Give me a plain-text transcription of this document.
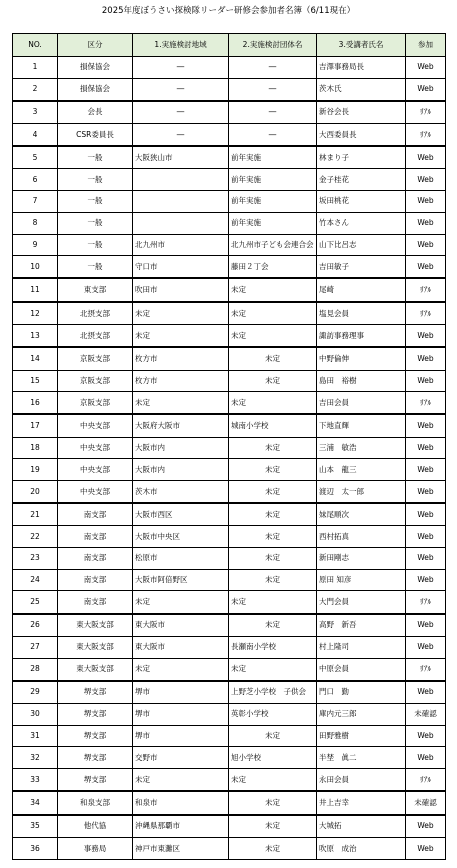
2025年度ぼうさい探検隊リーダー研修会参加者名簿（6/11現在）
NO.	区分	1.実施検討地域	2.実施検討団体名	3.受講者氏名	参加
1	損保協会	―	―	吉澤事務局長	Web
2	損保協会	―	―	茨木氏	Web
3	会長	―	―	新谷会長	ﾘｱﾙ
4	CSR委員長	―	―	大西委員長	ﾘｱﾙ
5	一般	大阪狭山市	前年実施	林まり子	Web
6	一般		前年実施	金子桂花	Web
7	一般		前年実施	坂田桃花	Web
8	一般		前年実施	竹本さん	Web
9	一般	北九州市	北九州市子ども会連合会	山下比呂志	Web
10	一般	守口市	藤田２丁会	吉田敏子	Web
11	東支部	吹田市	未定	尾崎	ﾘｱﾙ
12	北摂支部	未定	未定	塩見会員	ﾘｱﾙ
13	北摂支部	未定	未定	諏訪事務理事	Web
14	京阪支部	枚方市	未定	中野倫伸	Web
15	京阪支部	枚方市	未定	島田　裕樹	Web
16	京阪支部	未定	未定	吉田会員	ﾘｱﾙ
17	中央支部	大阪府大阪市	城南小学校	下地直輝	Web
18	中央支部	大阪市内	未定	三浦　敏浩	Web
19	中央支部	大阪市内	未定	山本　龍三	Web
20	中央支部	茨木市	未定	渡辺　太一郎	Web
21	南支部	大阪市西区	未定	妹尾順次	Web
22	南支部	大阪市中央区	未定	西村拓真	Web
23	南支部	松原市	未定	新田剛志	Web
24	南支部	大阪市阿倍野区	未定	原田 知彦	Web
25	南支部	未定	未定	大門会員	ﾘｱﾙ
26	東大阪支部	東大阪市	未定	高野　新吾	Web
27	東大阪支部	東大阪市	長瀬南小学校	村上隆司	Web
28	東大阪支部	未定	未定	中原会員	ﾘｱﾙ
29	堺支部	堺市	上野芝小学校　子供会	門口　勤	Web
30	堺支部	堺市	英彰小学校	庫内元三郎	未確認
31	堺支部	堺市	未定	田野雅樹	Web
32	堺支部	交野市	旭小学校	半埜　眞二	Web
33	堺支部	未定	未定	永田会員	ﾘｱﾙ
34	和泉支部	和泉市	未定	井上吉幸	未確認
35	他代協	沖縄県那覇市	未定	大城拓	Web
36	事務局	神戸市東灘区	未定	吹原　成治	Web
